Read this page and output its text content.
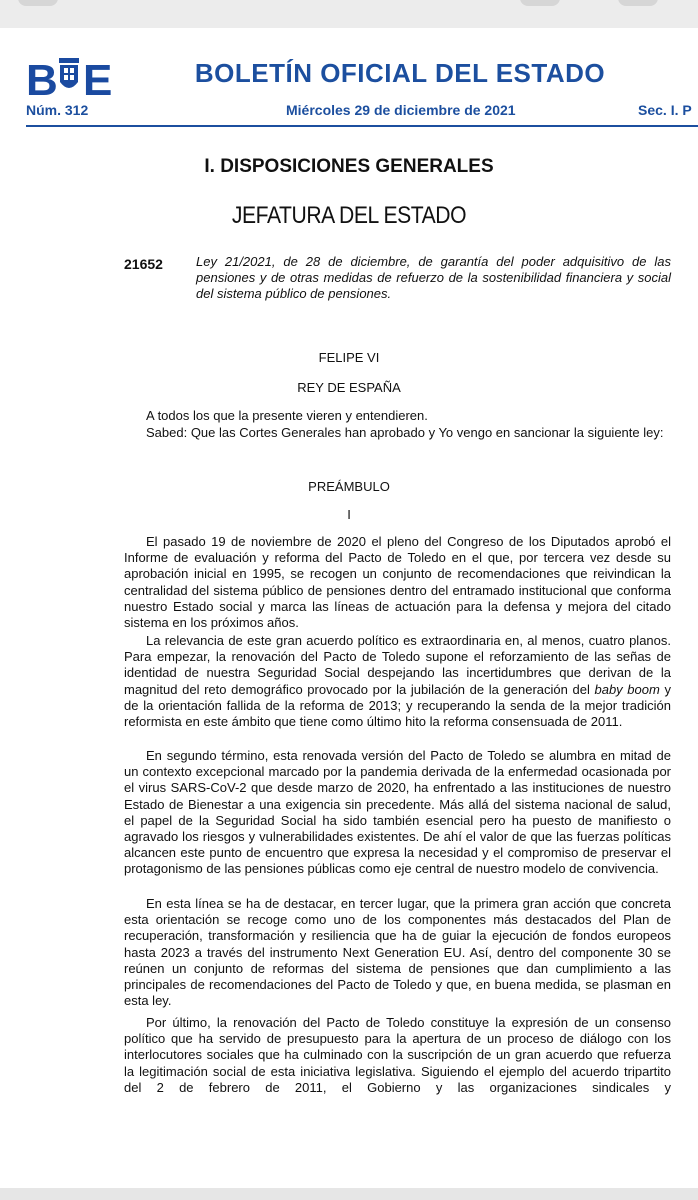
B E	BOLETÍN OFICIAL DEL ESTADO
Núm. 312	Miércoles 29 de diciembre de 2021	Sec. I. P
I. DISPOSICIONES GENERALES
JEFATURA DEL ESTADO
21652	Ley 21/2021, de 28 de diciembre, de garantía del poder adquisitivo de las pensiones y de otras medidas de refuerzo de la sostenibilidad financiera y social del sistema público de pensiones.
FELIPE VI
REY DE ESPAÑA

A todos los que la presente vieren y entendieren.

Sabed: Que las Cortes Generales han aprobado y Yo vengo en sancionar la siguiente ley:

PREÁMBULO
I

El pasado 19 de noviembre de 2020 el pleno del Congreso de los Diputados aprobó el Informe de evaluación y reforma del Pacto de Toledo en el que, por tercera vez desde su aprobación inicial en 1995, se recogen un conjunto de recomendaciones que reivindican la centralidad del sistema público de pensiones dentro del entramado institucional que conforma nuestro Estado social y marca las líneas de actuación para la defensa y mejora del citado sistema en los próximos años.

La relevancia de este gran acuerdo político es extraordinaria en, al menos, cuatro planos. Para empezar, la renovación del Pacto de Toledo supone el reforzamiento de las señas de identidad de nuestra Seguridad Social despejando las incertidumbres que derivan de la magnitud del reto demográfico provocado por la jubilación de la generación del baby boom y de la orientación fallida de la reforma de 2013; y recuperando la senda de la mejor tradición reformista en este ámbito que tiene como último hito la reforma consensuada de 2011.

En segundo término, esta renovada versión del Pacto de Toledo se alumbra en mitad de un contexto excepcional marcado por la pandemia derivada de la enfermedad ocasionada por el virus SARS-CoV-2 que desde marzo de 2020, ha enfrentado a las instituciones de nuestro Estado de Bienestar a una exigencia sin precedente. Más allá del sistema nacional de salud, el papel de la Seguridad Social ha sido también esencial pero ha puesto de manifiesto o agravado los riesgos y vulnerabilidades existentes. De ahí el valor de que las fuerzas políticas alcancen este punto de encuentro que expresa la necesidad y el compromiso de preservar el protagonismo de las pensiones públicas como eje central de nuestro modelo de convivencia.

En esta línea se ha de destacar, en tercer lugar, que la primera gran acción que concreta esta orientación se recoge como uno de los componentes más destacados del Plan de recuperación, transformación y resiliencia que ha de guiar la ejecución de fondos europeos hasta 2023 a través del instrumento Next Generation EU. Así, dentro del componente 30 se reúnen un conjunto de reformas del sistema de pensiones que dan cumplimiento a las principales de recomendaciones del Pacto de Toledo y que, en buena medida, se plasman en esta ley.

Por último, la renovación del Pacto de Toledo constituye la expresión de un consenso político que ha servido de presupuesto para la apertura de un proceso de diálogo con los interlocutores sociales que ha culminado con la suscripción de un gran acuerdo que refuerza la legitimación social de esta iniciativa legislativa. Siguiendo el ejemplo del acuerdo tripartito del 2 de febrero de 2011, el Gobierno y las organizaciones sindicales y
